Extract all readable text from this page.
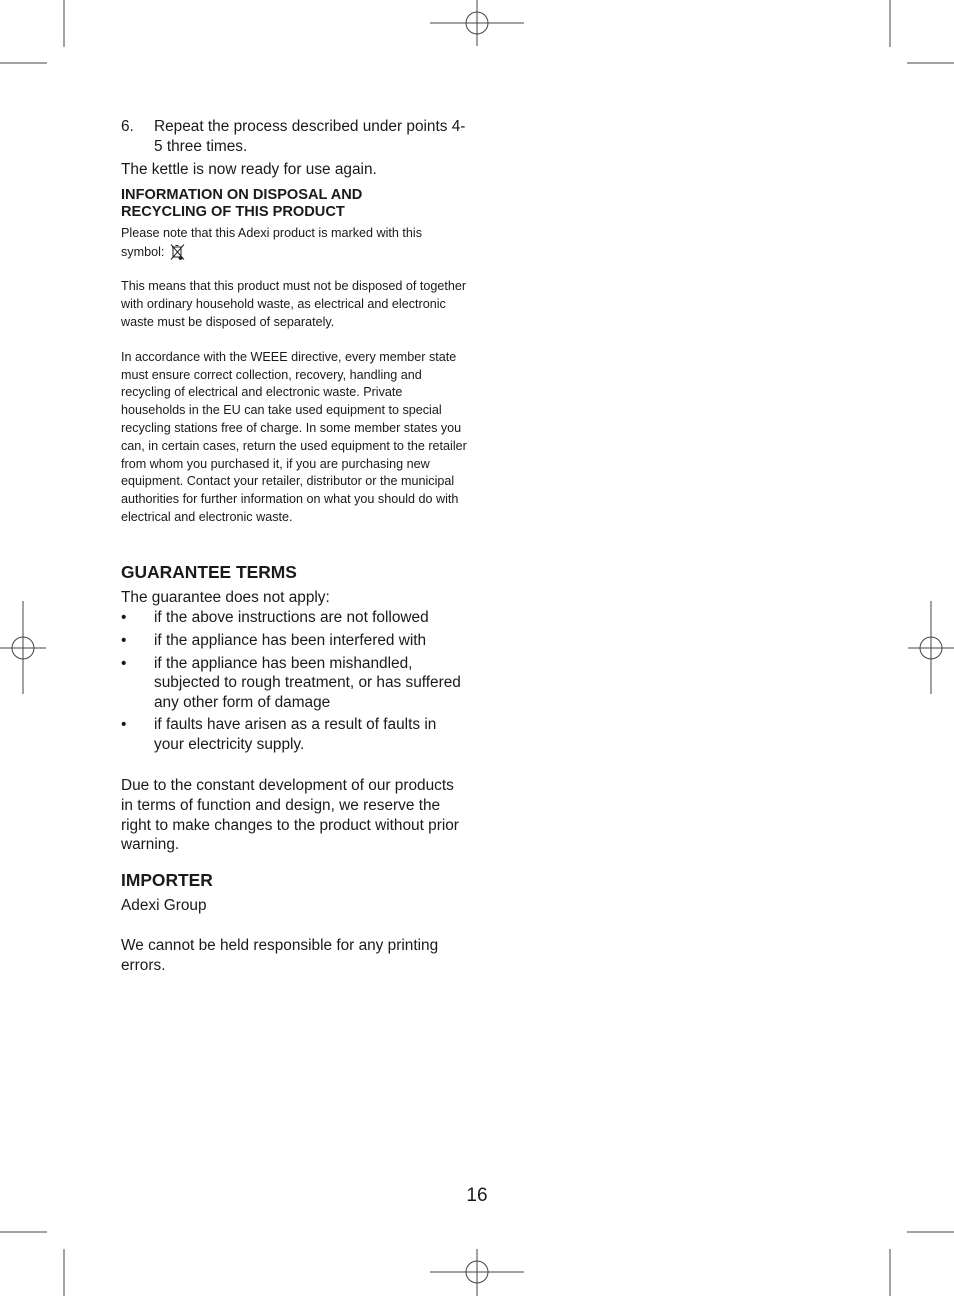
6.	Repeat the process described under points 4-5 three times.

The kettle is now ready for use again.

INFORMATION ON DISPOSAL AND

RECYCLING OF THIS PRODUCT

Please note that this Adexi product is marked with this symbol:

This means that this product must not be disposed of together with ordinary household waste, as electrical and electronic waste must be disposed of separately.

In accordance with the WEEE directive, every member state must ensure correct collection, recovery, handling and recycling of electrical and electronic waste. Private households in the EU can take used equipment to special recycling stations free of charge. In some member states you can, in certain cases, return the used equipment to the retailer from whom you purchased it, if you are purchasing new equipment. Contact your retailer, distributor or the municipal authorities for further information on what you should do with electrical and electronic waste.

GUARANTEE TERMS

The guarantee does not apply:

•	if the above instructions are not followed
•	if the appliance has been interfered with
•	if the appliance has been mishandled, subjected to rough treatment, or has suffered any other form of damage
•	if faults have arisen as a result of faults in your electricity supply.

Due to the constant development of our products in terms of function and design, we reserve the right to make changes to the product without prior warning.

IMPORTER

Adexi Group

We cannot be held responsible for any printing errors.

16
